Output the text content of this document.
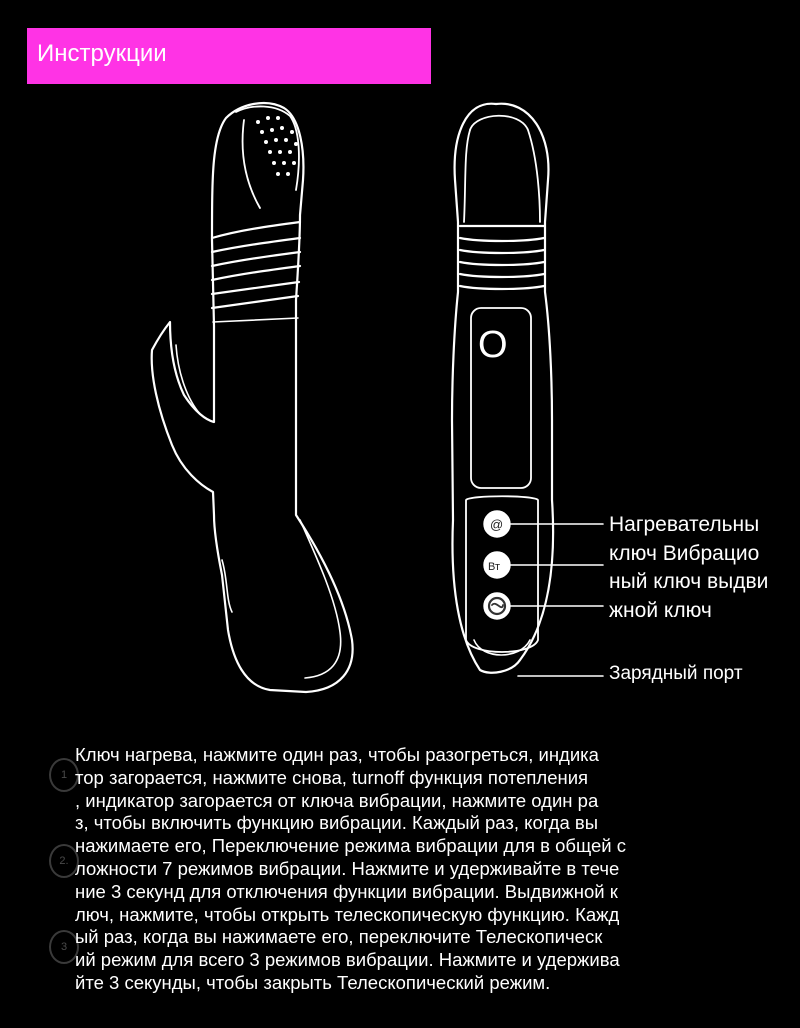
Инструкции
@
Вт
O
Нагревательны
ключ Вибрацио
ный ключ выдви
жной ключ
Зарядный порт
1
2.
3
Ключ нагрева, нажмите один раз, чтобы разогреться, индика
тор загорается, нажмите снова, turnoff функция потепления
, индикатор загорается от ключа вибрации, нажмите один ра
з, чтобы включить функцию вибрации. Каждый раз, когда вы
нажимаете его, Переключение режима вибрации для в общей с
ложности 7 режимов вибрации. Нажмите и удерживайте в тече
ние 3 секунд для отключения функции вибрации. Выдвижной к
люч, нажмите, чтобы открыть телескопическую функцию. Кажд
ый раз, когда вы нажимаете его, переключите Телескопическ
ий режим для всего 3 режимов вибрации. Нажмите и удержива
йте 3 секунды, чтобы закрыть Телескопический режим.
